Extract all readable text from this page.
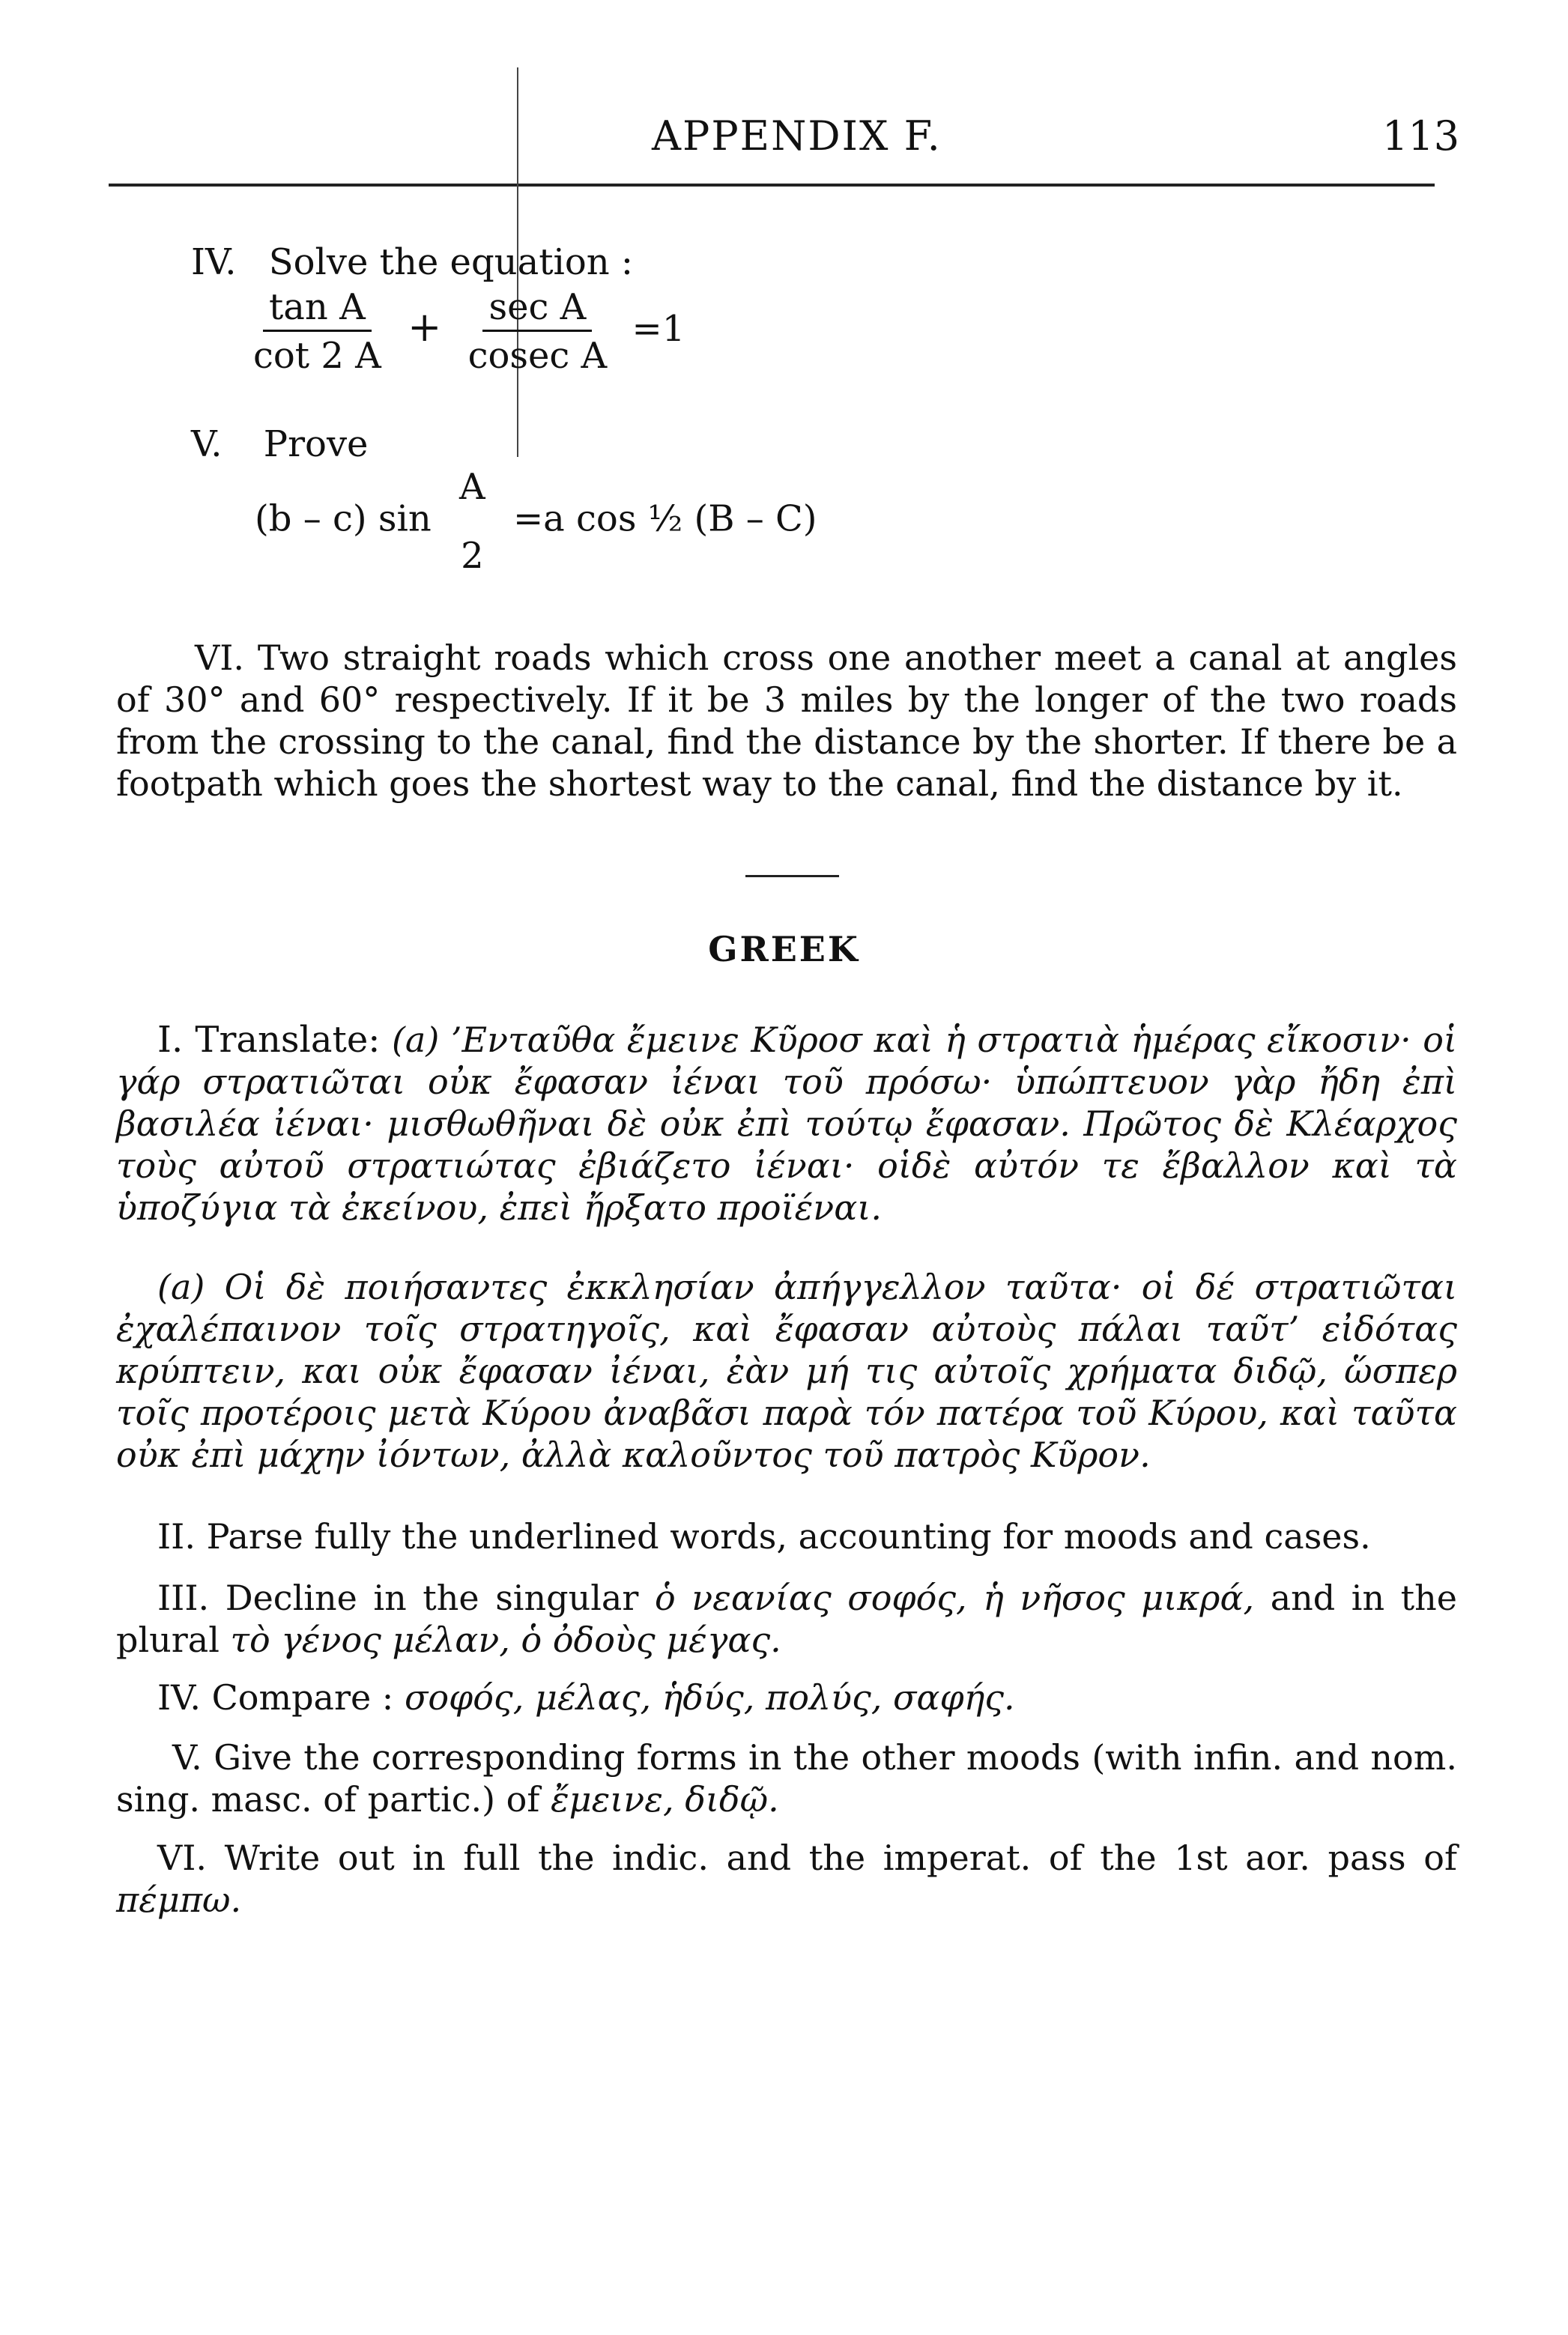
APPENDIX F.	113
IV. Solve the equation :
$\frac{\text{tan A}}{\cot 2 A} + \frac{\text{sec A}}{\text{cosec A}} =1$
V. Prove
(b – c) sin
A
2
=a cos ½ (B – C)
VI. Two straight roads which cross one another meet a canal at angles of 30° and 60° respectively. If it be 3 miles by the longer of the two roads from the crossing to the canal, find the distance by the shorter. If there be a footpath which goes the shortest way to the canal, find the distance by it.
GREEK
I. Translate: (a) ’Ενταῦθα ἔμεινε Κῦροσ καὶ ἡ στρατιὰ ἡμέρας εἴκοσιν· οἱ γάρ στρατιῶται οὐκ ἔφασαν ἰέναι τοῦ πρόσω· ὑπώπτευον γὰρ ἤδη ἐπὶ βασιλέα ἰέναι· μισθωθῆναι δὲ οὐκ ἐπὶ τούτῳ ἔφασαν. Πρῶτος δὲ Κλέαρχος τοὺς αὐτοῦ στρατιώτας ἐβιάζετο ἰέναι· οἱδὲ αὐτόν τε ἔβαλλον καὶ τὰ ὑποζύγια τὰ ἐκείνου, ἐπεὶ ἤρξατο προϊέναι.
(a) Οἱ δὲ ποιήσαντες ἐκκλησίαν ἀπήγγελλον ταῦτα· οἱ δέ στρατιῶται ἐχαλέπαινον τοῖς στρατηγοῖς, καὶ ἔφασαν αὐτοὺς πάλαι ταῦτ’ εἰδότας κρύπτειν, και οὐκ ἔφασαν ἰέναι, ἐὰν μή τις αὐτοῖς χρήματα διδῷ, ὥσπερ τοῖς προτέροις μετὰ Κύρου ἀναβᾶσι παρὰ τόν πατέρα τοῦ Κύρου, καὶ ταῦτα οὐκ ἐπὶ μάχην ἰόντων, ἀλλὰ καλοῦντος τοῦ πατρὸς Κῦρον.
II. Parse fully the underlined words, accounting for moods and cases.
III. Decline in the singular ὁ νεανίας σοφός, ἡ νῆσος μικρά, and in the plural τὸ γένος μέλαν, ὁ ὀδοὺς μέγας.
IV. Compare : σοφός, μέλας, ἡδύς, πολύς, σαφής.
V. Give the corresponding forms in the other moods (with infin. and nom. sing. masc. of partic.) of ἔμεινε, διδῷ.
VI. Write out in full the indic. and the imperat. of the 1st aor. pass of πέμπω.
